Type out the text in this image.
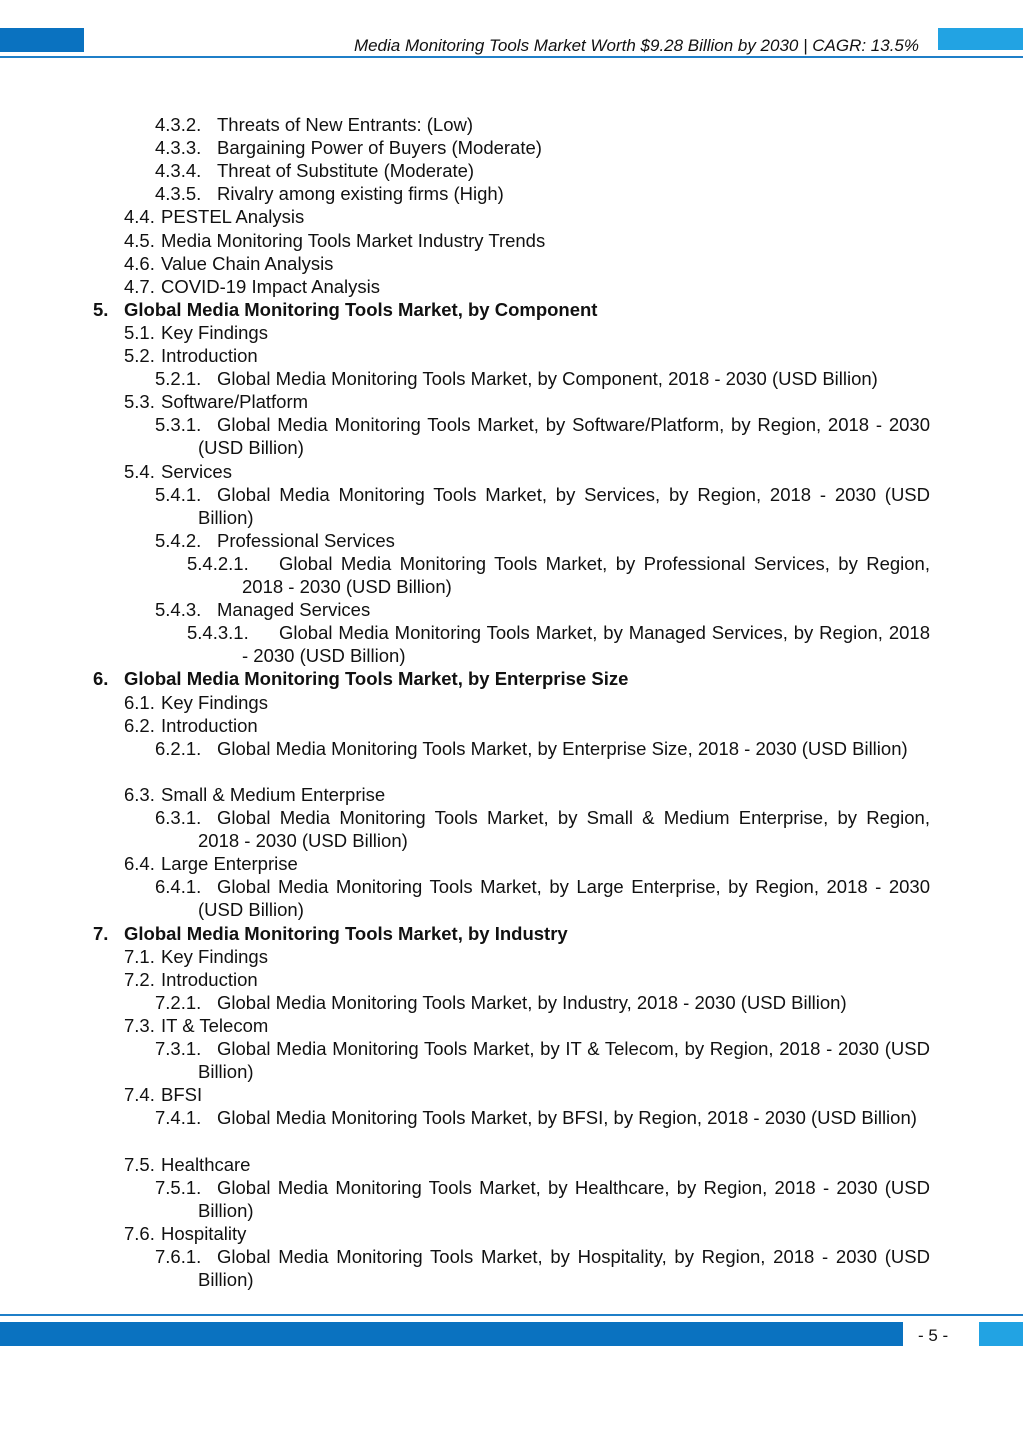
Media Monitoring Tools Market Worth $9.28 Billion by 2030 | CAGR: 13.5%
4.3.2. Threats of New Entrants: (Low)
4.3.3. Bargaining Power of Buyers (Moderate)
4.3.4. Threat of Substitute (Moderate)
4.3.5. Rivalry among existing firms (High)
4.4. PESTEL Analysis
4.5. Media Monitoring Tools Market Industry Trends
4.6. Value Chain Analysis
4.7. COVID-19 Impact Analysis
5. Global Media Monitoring Tools Market, by Component
5.1. Key Findings
5.2. Introduction
5.2.1. Global Media Monitoring Tools Market, by Component, 2018 - 2030 (USD Billion)
5.3. Software/Platform
5.3.1. Global Media Monitoring Tools Market, by Software/Platform, by Region, 2018 - 2030 (USD Billion)
5.4. Services
5.4.1. Global Media Monitoring Tools Market, by Services, by Region, 2018 - 2030 (USD Billion)
5.4.2. Professional Services
5.4.2.1.	Global Media Monitoring Tools Market, by Professional Services, by Region, 2018 - 2030 (USD Billion)
5.4.3. Managed Services
5.4.3.1.	Global Media Monitoring Tools Market, by Managed Services, by Region, 2018 - 2030 (USD Billion)
6. Global Media Monitoring Tools Market, by Enterprise Size
6.1. Key Findings
6.2. Introduction
6.2.1. Global Media Monitoring Tools Market, by Enterprise Size, 2018 - 2030 (USD Billion)
6.3. Small & Medium Enterprise
6.3.1. Global Media Monitoring Tools Market, by Small & Medium Enterprise, by Region, 2018 - 2030 (USD Billion)
6.4. Large Enterprise
6.4.1. Global Media Monitoring Tools Market, by Large Enterprise, by Region, 2018 - 2030 (USD Billion)
7. Global Media Monitoring Tools Market, by Industry
7.1. Key Findings
7.2. Introduction
7.2.1. Global Media Monitoring Tools Market, by Industry, 2018 - 2030 (USD Billion)
7.3. IT & Telecom
7.3.1. Global Media Monitoring Tools Market, by IT & Telecom, by Region, 2018 - 2030 (USD Billion)
7.4. BFSI
7.4.1. Global Media Monitoring Tools Market, by BFSI, by Region, 2018 - 2030 (USD Billion)
7.5. Healthcare
7.5.1. Global Media Monitoring Tools Market, by Healthcare, by Region, 2018 - 2030 (USD Billion)
7.6. Hospitality
7.6.1. Global Media Monitoring Tools Market, by Hospitality, by Region, 2018 - 2030 (USD Billion)
- 5 -
